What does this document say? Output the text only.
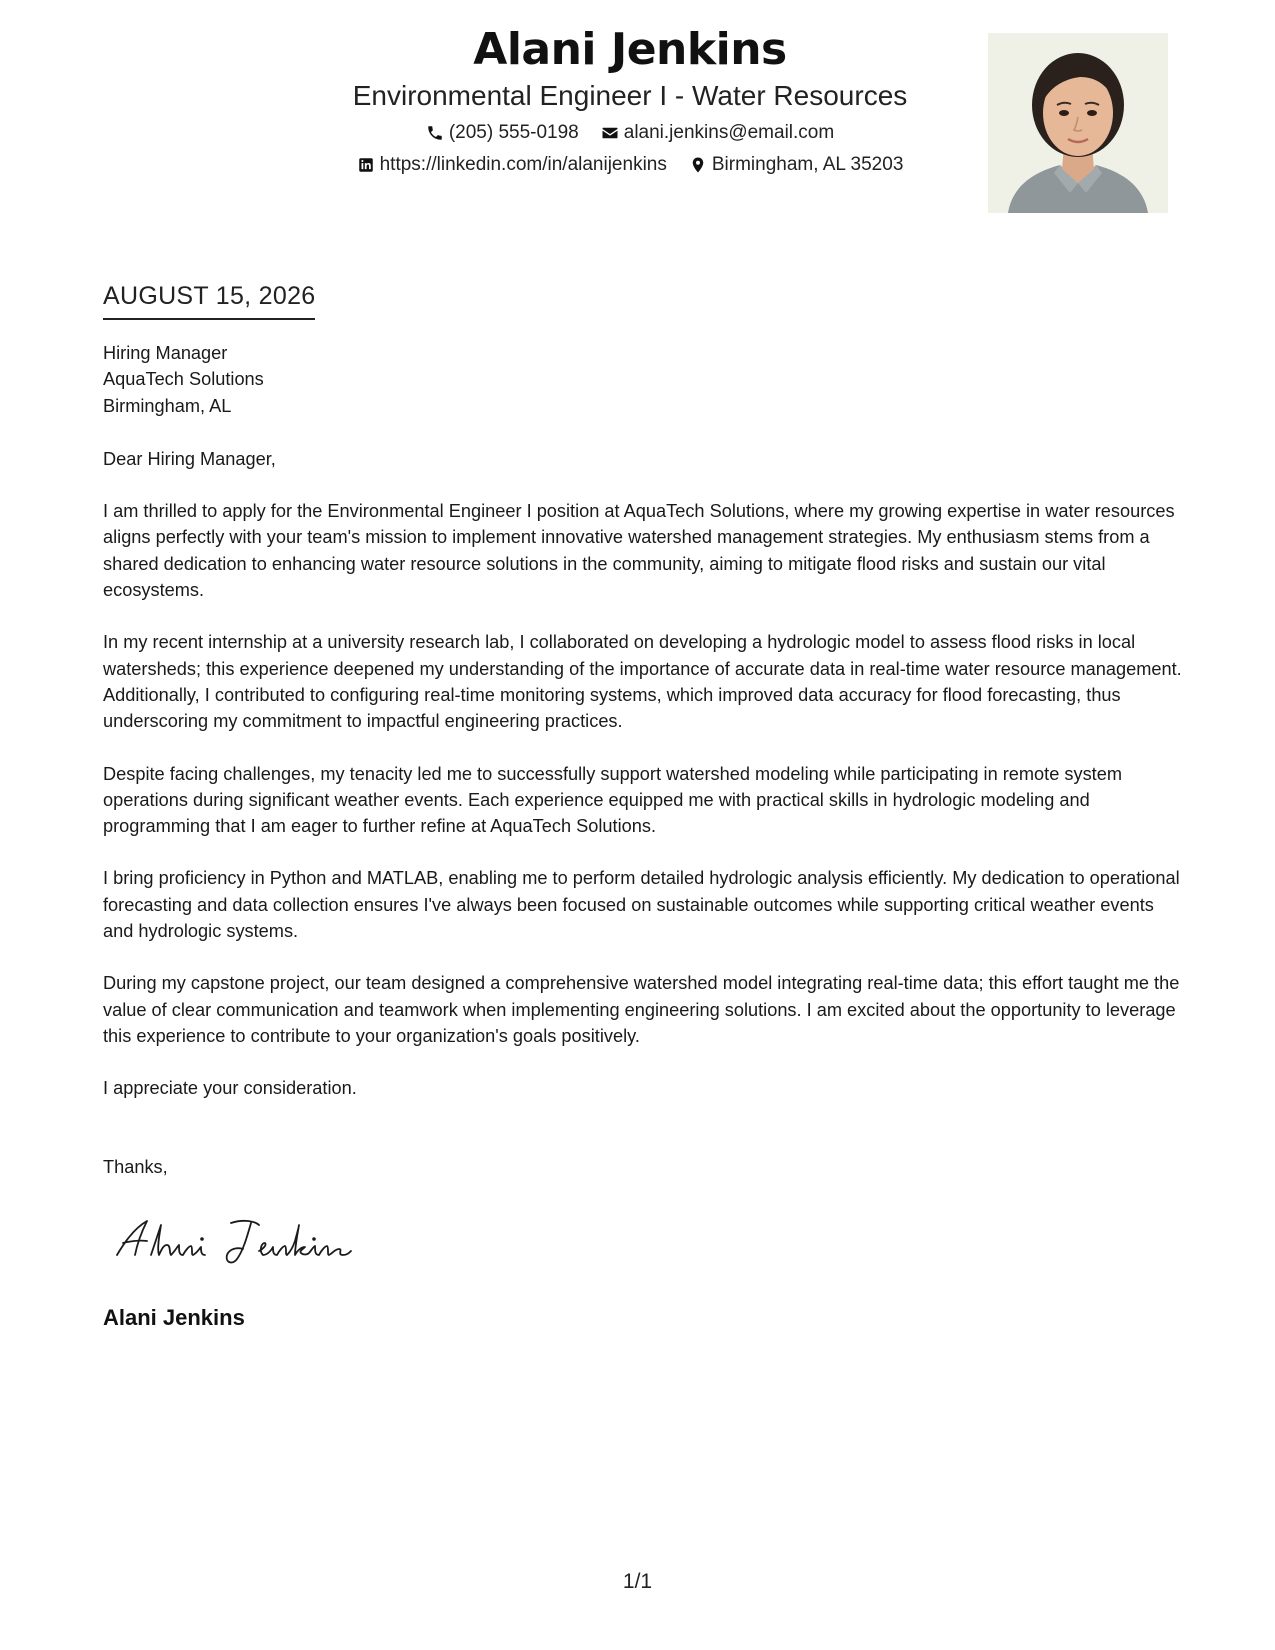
Alani Jenkins
Environmental Engineer I - Water Resources
(205) 555-0198 alani.jenkins@email.com
https://linkedin.com/in/alanijenkins Birmingham, AL 35203
AUGUST 15, 2026
Hiring Manager
AquaTech Solutions
Birmingham, AL
Dear Hiring Manager,

I am thrilled to apply for the Environmental Engineer I position at AquaTech Solutions, where my growing expertise in water resources aligns perfectly with your team's mission to implement innovative watershed management strategies. My enthusiasm stems from a shared dedication to enhancing water resource solutions in the community, aiming to mitigate flood risks and sustain our vital ecosystems.

In my recent internship at a university research lab, I collaborated on developing a hydrologic model to assess flood risks in local watersheds; this experience deepened my understanding of the importance of accurate data in real-time water resource management. Additionally, I contributed to configuring real-time monitoring systems, which improved data accuracy for flood forecasting, thus underscoring my commitment to impactful engineering practices.

Despite facing challenges, my tenacity led me to successfully support watershed modeling while participating in remote system operations during significant weather events. Each experience equipped me with practical skills in hydrologic modeling and programming that I am eager to further refine at AquaTech Solutions.

I bring proficiency in Python and MATLAB, enabling me to perform detailed hydrologic analysis efficiently. My dedication to operational forecasting and data collection ensures I've always been focused on sustainable outcomes while supporting critical weather events and hydrologic systems.

During my capstone project, our team designed a comprehensive watershed model integrating real-time data; this effort taught me the value of clear communication and teamwork when implementing engineering solutions. I am excited about the opportunity to leverage this experience to contribute to your organization's goals positively.

I appreciate your consideration.

Thanks,
Alani Jenkins
1/1
